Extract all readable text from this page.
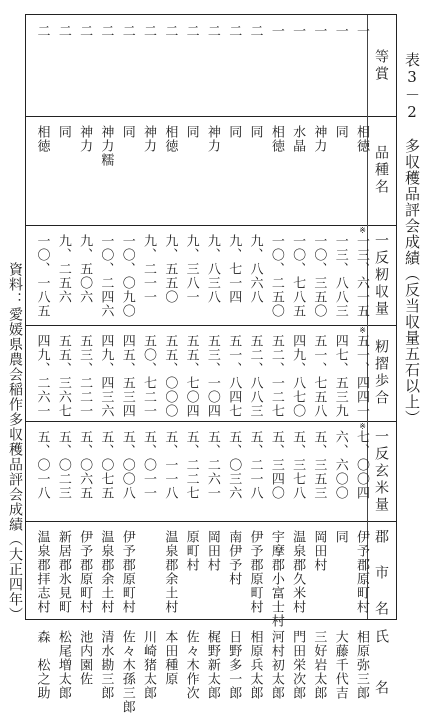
表3－2　多収穫品評会成績（反当収量五石以上）
等賞
品種名
一反籾収量
籾摺歩合
一反玄米量
郡 市 名
氏　　名
一
相徳
一三、六一五
五一、四四一
七、〇〇四
伊予郡原町村
相原弥三郎
一
同
一三、八八三
四七、五三九
六、六〇〇
同
大藤千代吉
一
神力
一〇、三五〇
五一、七五八
五、三五三
岡田村
三好岩太郎
一
水晶
一〇、七八五
四九、八七〇
五、三七八
温泉郡久米村
門田栄次郎
一
相徳
一〇、二五〇
五二、一二七
五、三四〇
宇摩郡小富士村
河村初太郎
二
同
九、八六八
五二、八八三
五、二一八
伊予郡原町村
相原兵太郎
二
同
九、七一四
五一、八四七
五、〇三六
南伊予村
日野多一郎
二
神力
九、八三八
五三、一〇四
五、二六一
岡田村
梶野新太郎
二
同
九、三八一
五五、七〇四
五、二二七
原町村
佐々木作次
二
相徳
九、五五〇
五五、〇〇〇
五、一一八
温泉郡余土村
本田種原
二
神力
九、二一一
五〇、七二一
五、〇一一
川崎猪太郎
二
同
一〇、〇九〇
四五、五三四
五、〇〇八
伊予郡原町村
佐々木孫三郎
二
神力糯
一〇、二四六
四九、四三六
五、〇七五
温泉郡余土村
清水勘三郎
二
神力
九、五〇六
五三、二二一
五、〇六五
伊予郡原町村
池内園佐
二
同
九、二五六
五五、三六七
五、〇二三
新居郡氷見町
松尾増太郎
二
相徳
一〇、一八五
四九、二六一
五、〇一八
温泉郡拝志村
森　松之助
※
※
※
資料：愛媛県農会稲作多収穫品評会成績（大正四年）
